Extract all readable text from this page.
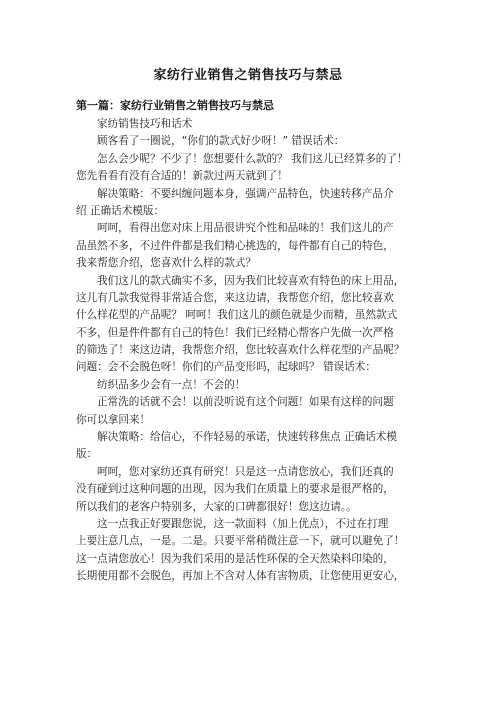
家纺行业销售之销售技巧与禁忌
第一篇：家纺行业销售之销售技巧与禁忌
家纺销售技巧和话术
顾客看了一圈说，“你们的款式好少呀！” 错误话术：
怎么会少呢？不少了！您想要什么款的？ 我们这儿已经算多的了！
您先看看有没有合适的！新款过两天就到了！
解决策略：不要纠缠问题本身，强调产品特色，快速转移产品介
绍 正确话术模版：
呵呵，看得出您对床上用品很讲究个性和品味的！我们这儿的产
品虽然不多，不过件件都是我们精心挑选的，每件都有自己的特色，
我来帮您介绍，您喜欢什么样的款式？
我们这儿的款式确实不多，因为我们比较喜欢有特色的床上用品，
这儿有几款我觉得非常适合您，来这边请，我帮您介绍，您比较喜欢
什么样花型的产品呢？ 呵呵！我们这儿的颜色就是少而精，虽然款式
不多，但是件件都有自己的特色！我们已经精心帮客户先做一次严格
的筛选了！来这边请，我帮您介绍，您比较喜欢什么样花型的产品呢？
问题：会不会脱色呀！你们的产品变形吗，起球吗？ 错误话术：
纺织品多少会有一点！不会的！
正常洗的话就不会！以前没听说有这个问题！如果有这样的问题
你可以拿回来！
解决策略：给信心，不作轻易的承诺，快速转移焦点 正确话术模
版：
呵呵，您对家纺还真有研究！只是这一点请您放心，我们还真的
没有碰到过这种问题的出现，因为我们在质量上的要求是很严格的，
所以我们的老客户特别多，大家的口碑都很好！您这边请。。
这一点我正好要跟您说，这一款面料（加上优点），不过在打理
上要注意几点，一是。二是。只要平常稍微注意一下，就可以避免了！
这一点请您放心！因为我们采用的是活性环保的全天然染料印染的，
长期使用都不会脱色，再加上不含对人体有害物质，让您使用更安心，
